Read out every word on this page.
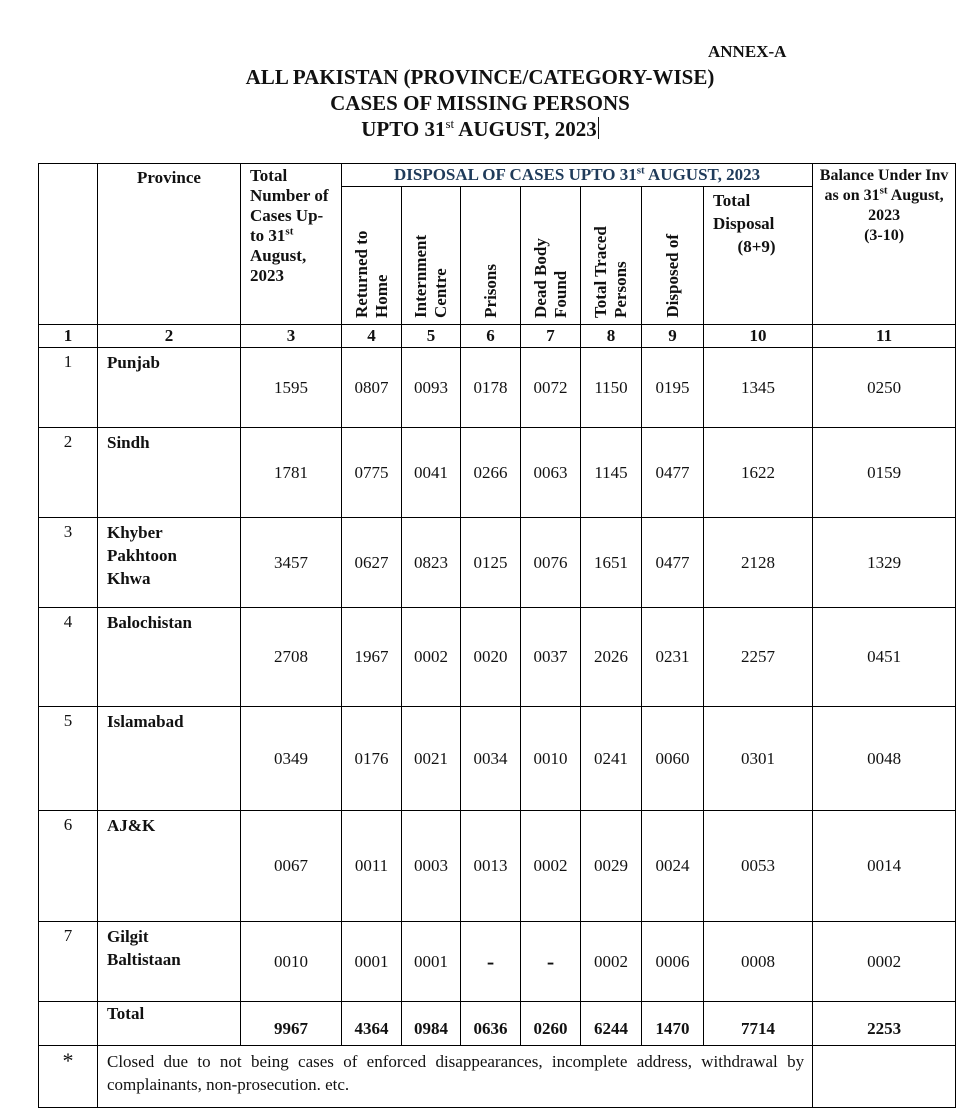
ANNEX-A
ALL PAKISTAN (PROVINCE/CATEGORY-WISE)
CASES OF MISSING PERSONS
UPTO 31st AUGUST, 2023
	Province	Total Number of Cases Up-to 31st August, 2023	DISPOSAL OF CASES UPTO 31st AUGUST, 2023							Balance Under Inv as on 31st August, 2023
(3-10)

			Returned to Home	Internment Centre	Prisons	Dead Body Found	Total Traced Persons	Disposed of	Total Disposal
(8+9)	

1	2	3	4	5	6	7	8	9	10	11
1	Punjab	1595	0807	0093	0178	0072	1150	0195	1345	0250
2	Sindh	1781	0775	0041	0266	0063	1145	0477	1622	0159
3	Khyber Pakhtoon Khwa	3457	0627	0823	0125	0076	1651	0477	2128	1329
4	Balochistan	2708	1967	0002	0020	0037	2026	0231	2257	0451
5	Islamabad	0349	0176	0021	0034	0010	0241	0060	0301	0048
6	AJ&K	0067	0011	0003	0013	0002	0029	0024	0053	0014
7	Gilgit Baltistaan	0010	0001	0001	-	-	0002	0006	0008	0002
	Total	9967	4364	0984	0636	0260	6244	1470	7714	2253
*	Closed due to not being cases of enforced disappearances, incomplete address, withdrawal by complainants, non-prosecution. etc.									
